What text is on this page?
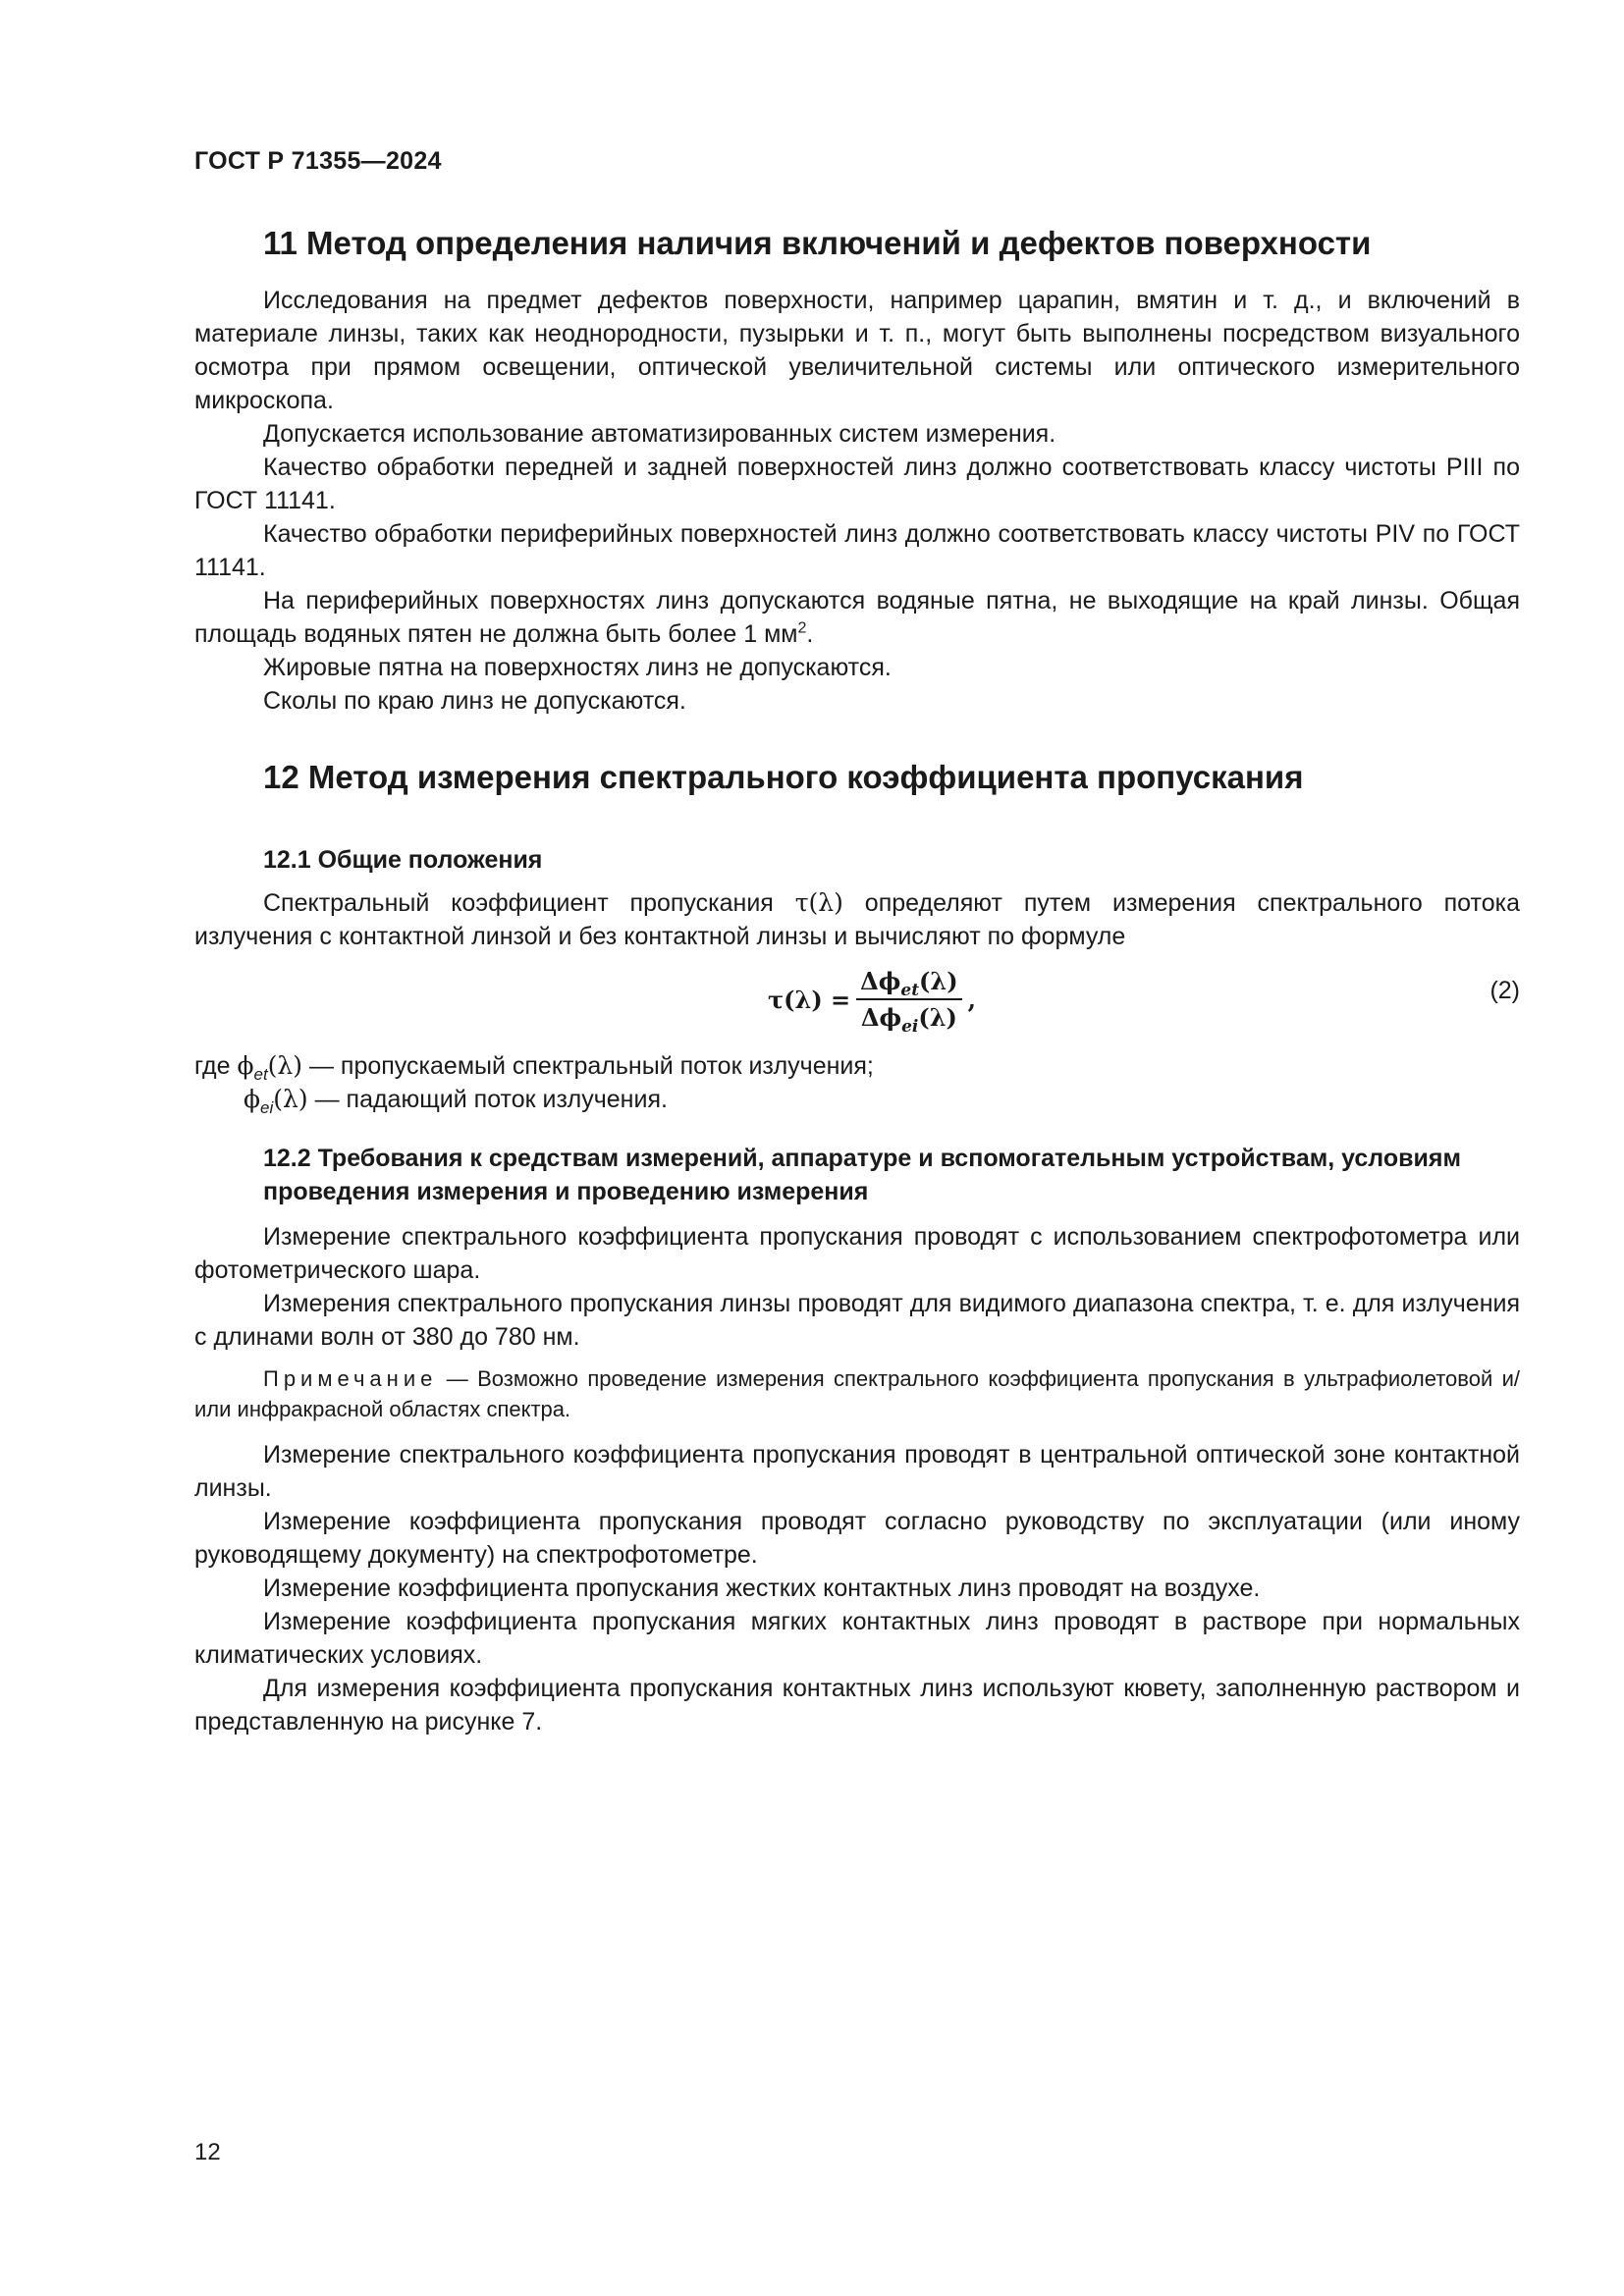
ГОСТ Р 71355—2024
11 Метод определения наличия включений и дефектов поверхности

Исследования на предмет дефектов поверхности, например царапин, вмятин и т. д., и включений в материале линзы, таких как неоднородности, пузырьки и т. п., могут быть выполнены посредством визуального осмотра при прямом освещении, оптической увеличительной системы или оптического измерительного микроскопа.

Допускается использование автоматизированных систем измерения.

Качество обработки передней и задней поверхностей линз должно соответствовать классу чистоты PIII по ГОСТ 11141.

Качество обработки периферийных поверхностей линз должно соответствовать классу чистоты PIV по ГОСТ 11141.

На периферийных поверхностях линз допускаются водяные пятна, не выходящие на край линзы. Общая площадь водяных пятен не должна быть более 1 $мм^2$.

Жировые пятна на поверхностях линз не допускаются.

Сколы по краю линз не допускаются.

12 Метод измерения спектрального коэффициента пропускания
12.1 Общие положения

Спектральный коэффициент пропускания τ(λ) определяют путем измерения спектрального потока излучения с контактной линзой и без контактной линзы и вычисляют по формуле

$\tau(\lambda) = \frac{\Delta\phi_{et}(\lambda)}{\Delta\phi_{ei}(\lambda)}$ ,	(2)

где $\phi_{et}(\lambda)$ — пропускаемый спектральный поток излучения;

$\phi_{ei}(\lambda)$ — падающий поток излучения.

12.2 Требования к средствам измерений, аппаратуре и вспомогательным устройствам, условиям проведения измерения и проведению измерения

Измерение спектрального коэффициента пропускания проводят с использованием спектрофотометра или фотометрического шара.

Измерения спектрального пропускания линзы проводят для видимого диапазона спектра, т. е. для излучения с длинами волн от 380 до 780 нм.

Примечание — Возможно проведение измерения спектрального коэффициента пропускания в ультрафиолетовой и/или инфракрасной областях спектра.

Измерение спектрального коэффициента пропускания проводят в центральной оптической зоне контактной линзы.

Измерение коэффициента пропускания проводят согласно руководству по эксплуатации (или иному руководящему документу) на спектрофотометре.

Измерение коэффициента пропускания жестких контактных линз проводят на воздухе.

Измерение коэффициента пропускания мягких контактных линз проводят в растворе при нормальных климатических условиях.

Для измерения коэффициента пропускания контактных линз используют кювету, заполненную раствором и представленную на рисунке 7.

12
